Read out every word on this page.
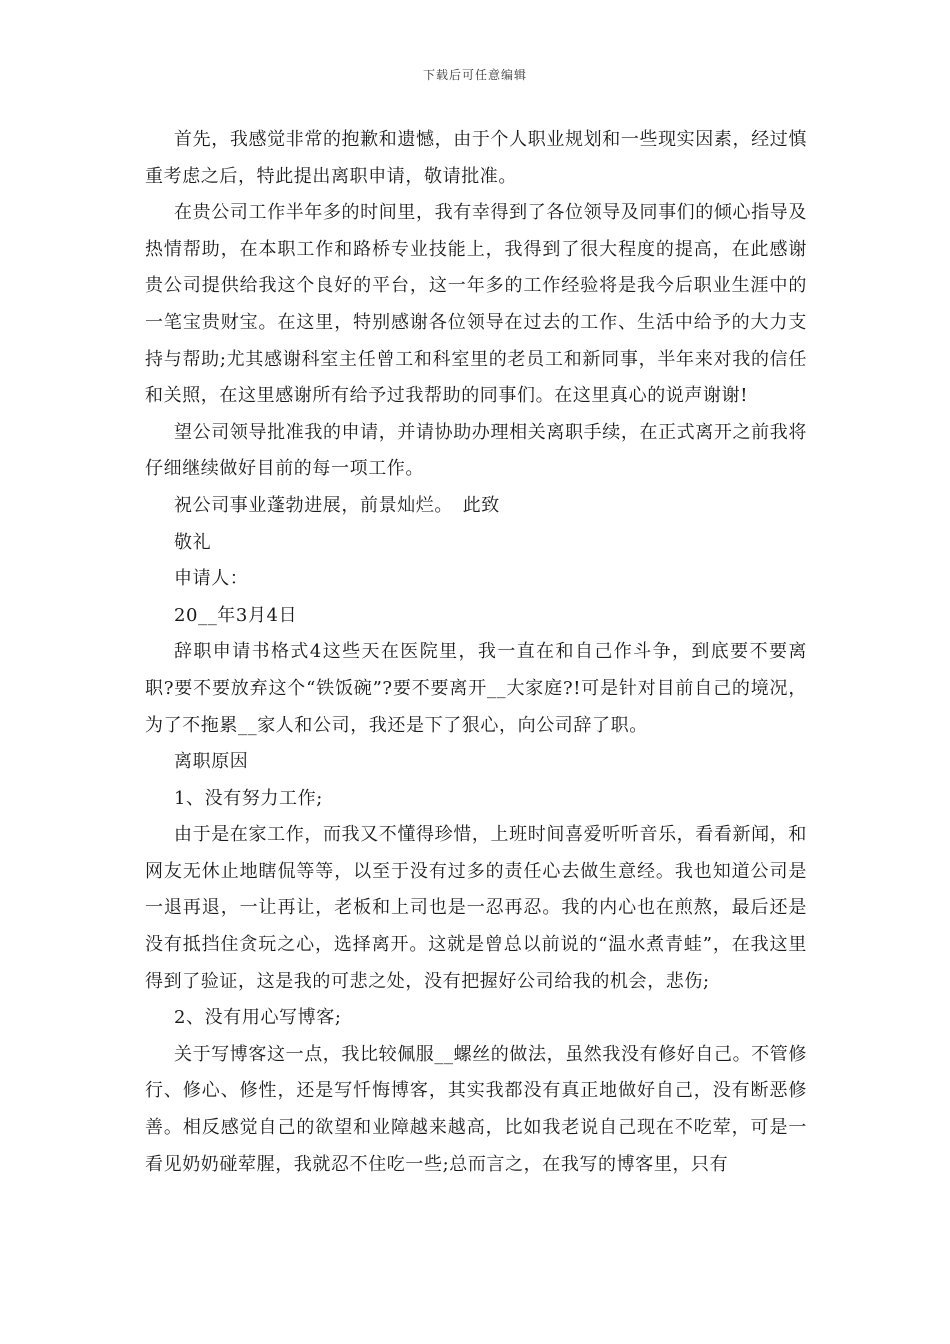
下载后可任意编辑

首先，我感觉非常的抱歉和遗憾，由于个人职业规划和一些现实因素，经过慎重考虑之后，特此提出离职申请，敬请批准。

在贵公司工作半年多的时间里，我有幸得到了各位领导及同事们的倾心指导及热情帮助，在本职工作和路桥专业技能上，我得到了很大程度的提高，在此感谢贵公司提供给我这个良好的平台，这一年多的工作经验将是我今后职业生涯中的一笔宝贵财宝。在这里，特别感谢各位领导在过去的工作、生活中给予的大力支持与帮助;尤其感谢科室主任曾工和科室里的老员工和新同事，半年来对我的信任和关照，在这里感谢所有给予过我帮助的同事们。在这里真心的说声谢谢!

望公司领导批准我的申请，并请协助办理相关离职手续，在正式离开之前我将仔细继续做好目前的每一项工作。

祝公司事业蓬勃进展，前景灿烂。　此致

敬礼

申请人：

20__年3月4日

辞职申请书格式4这些天在医院里，我一直在和自己作斗争，到底要不要离职?要不要放弃这个“铁饭碗”?要不要离开__大家庭?!可是针对目前自己的境况，为了不拖累__家人和公司，我还是下了狠心，向公司辞了职。

离职原因

1、没有努力工作;

由于是在家工作，而我又不懂得珍惜，上班时间喜爱听听音乐，看看新闻，和网友无休止地瞎侃等等，以至于没有过多的责任心去做生意经。我也知道公司是一退再退，一让再让，老板和上司也是一忍再忍。我的内心也在煎熬，最后还是没有抵挡住贪玩之心，选择离开。这就是曾总以前说的“温水煮青蛙”，在我这里得到了验证，这是我的可悲之处，没有把握好公司给我的机会，悲伤;

2、没有用心写博客;

关于写博客这一点，我比较佩服__螺丝的做法，虽然我没有修好自己。不管修行、修心、修性，还是写忏悔博客，其实我都没有真正地做好自己，没有断恶修善。相反感觉自己的欲望和业障越来越高，比如我老说自己现在不吃荤，可是一看见奶奶碰荤腥，我就忍不住吃一些;总而言之，在我写的博客里，只有
